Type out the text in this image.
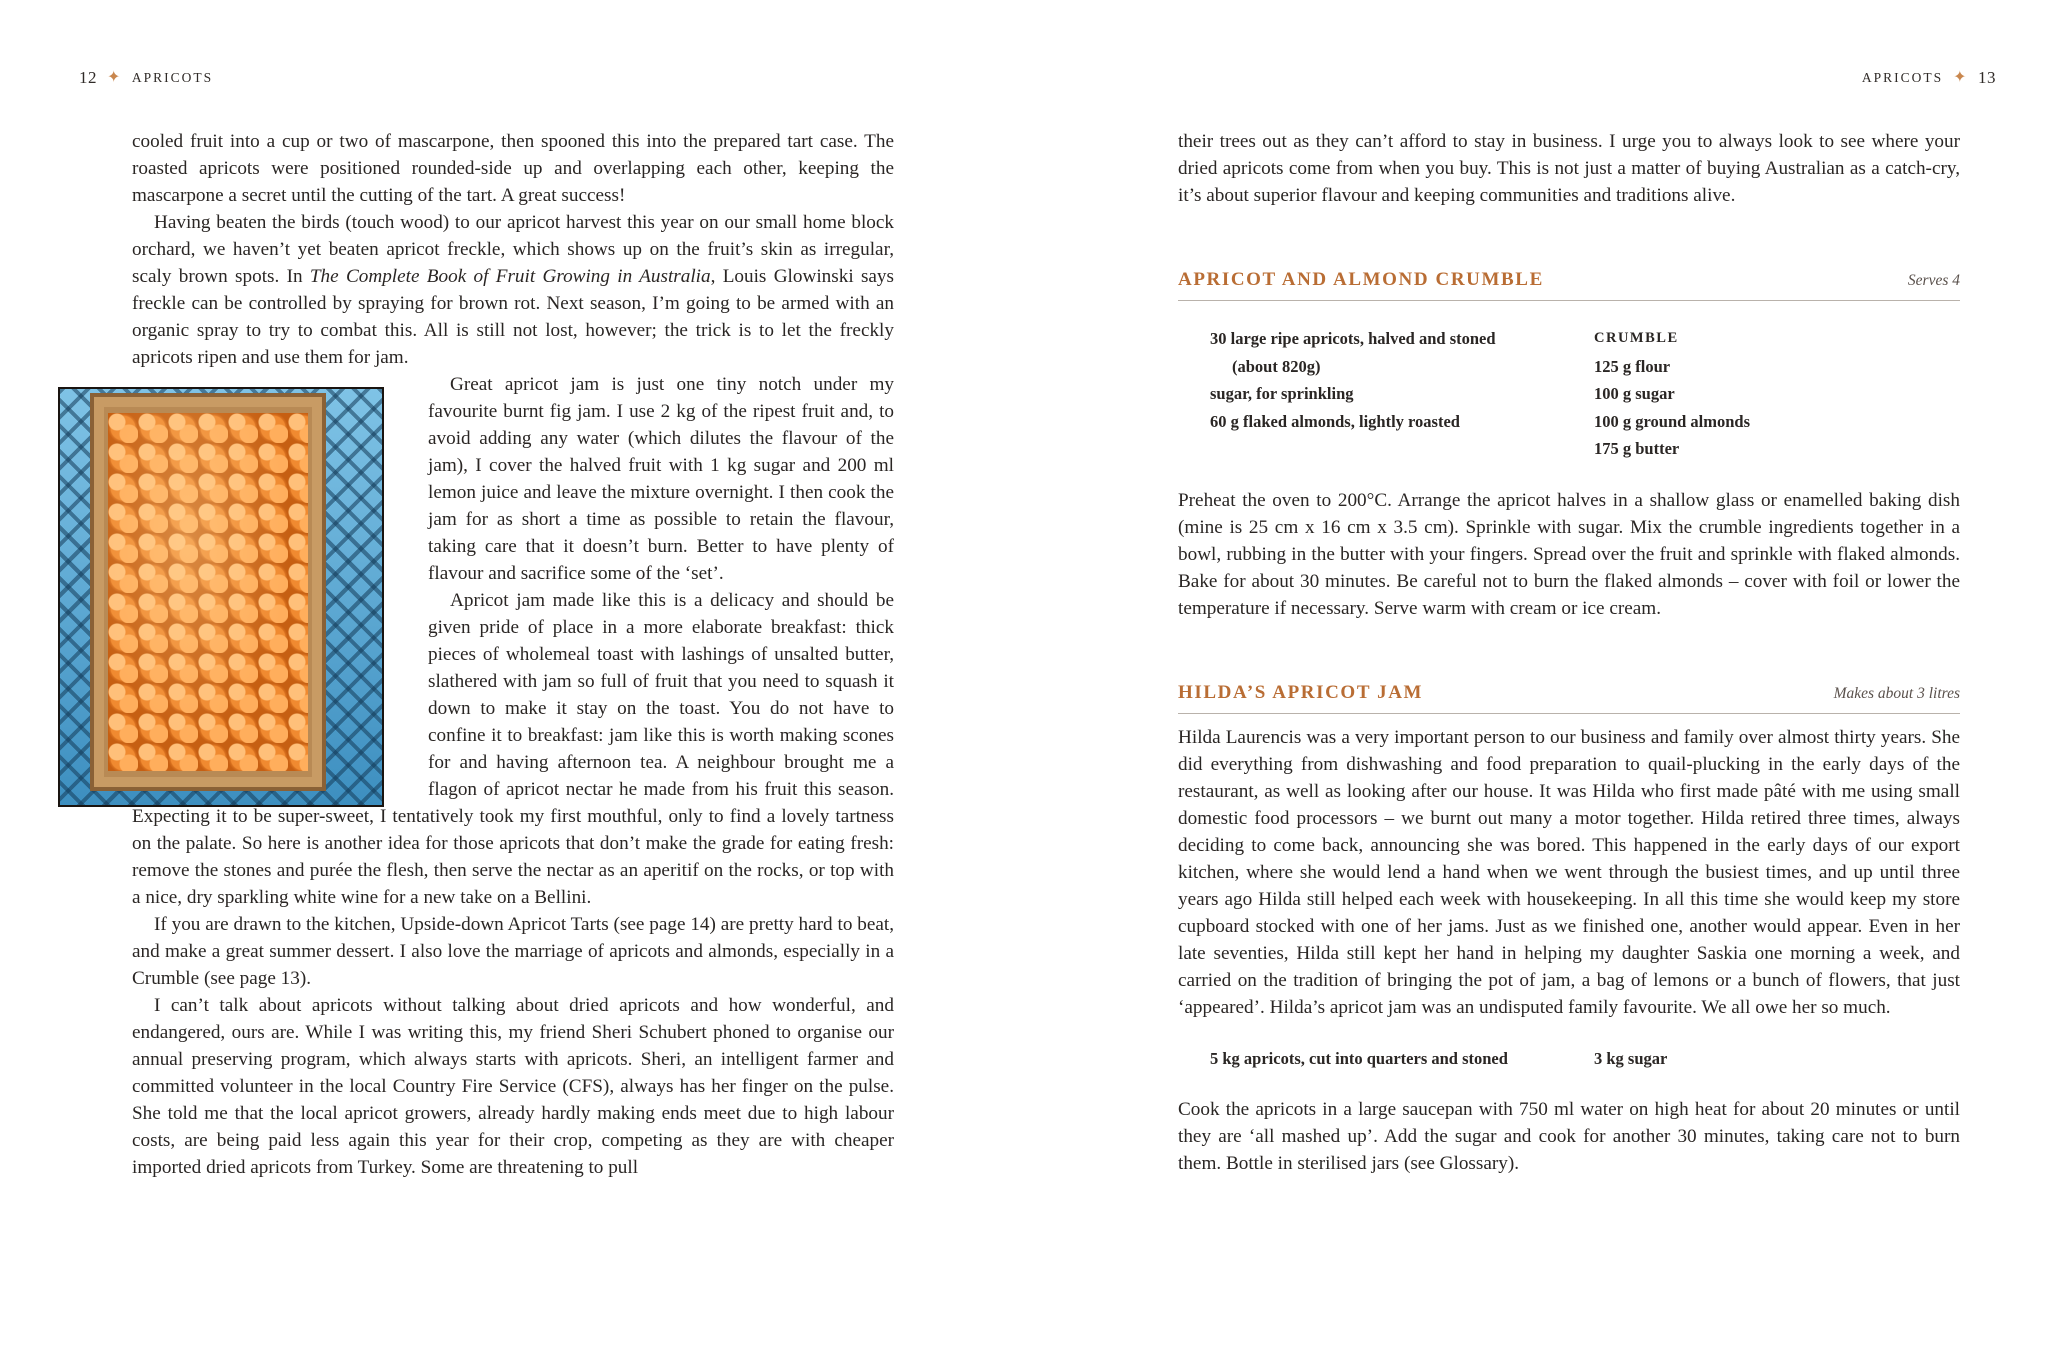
12 ✦ APRICOTS

cooled fruit into a cup or two of mascarpone, then spooned this into the prepared tart case. The roasted apricots were positioned rounded-side up and overlapping each other, keeping the mascarpone a secret until the cutting of the tart. A great success!

Having beaten the birds (touch wood) to our apricot harvest this year on our small home block orchard, we haven’t yet beaten apricot freckle, which shows up on the fruit’s skin as irregular, scaly brown spots. In The Complete Book of Fruit Growing in Australia, Louis Glowinski says freckle can be controlled by spraying for brown rot. Next season, I’m going to be armed with an organic spray to try to combat this. All is still not lost, however; the trick is to let the freckly apricots ripen and use them for jam.

Great apricot jam is just one tiny notch under my favourite burnt fig jam. I use 2 kg of the ripest fruit and, to avoid adding any water (which dilutes the flavour of the jam), I cover the halved fruit with 1 kg sugar and 200 ml lemon juice and leave the mixture overnight. I then cook the jam for as short a time as possible to retain the flavour, taking care that it doesn’t burn. Better to have plenty of flavour and sacrifice some of the ‘set’.

Apricot jam made like this is a delicacy and should be given pride of place in a more elaborate breakfast: thick pieces of wholemeal toast with lashings of unsalted butter, slathered with jam so full of fruit that you need to squash it down to make it stay on the toast. You do not have to confine it to breakfast: jam like this is worth making scones for and having afternoon tea. A neighbour brought me a flagon of apricot nectar he made from his fruit this season. Expecting it to be super-sweet, I tentatively took my first mouthful, only to find a lovely tartness on the palate. So here is another idea for those apricots that don’t make the grade for eating fresh: remove the stones and purée the flesh, then serve the nectar as an aperitif on the rocks, or top with a nice, dry sparkling white wine for a new take on a Bellini.

If you are drawn to the kitchen, Upside-down Apricot Tarts (see page 14) are pretty hard to beat, and make a great summer dessert. I also love the marriage of apricots and almonds, especially in a Crumble (see page 13).

I can’t talk about apricots without talking about dried apricots and how wonderful, and endangered, ours are. While I was writing this, my friend Sheri Schubert phoned to organise our annual preserving program, which always starts with apricots. Sheri, an intelligent farmer and committed volunteer in the local Country Fire Service (CFS), always has her finger on the pulse. She told me that the local apricot growers, already hardly making ends meet due to high labour costs, are being paid less again this year for their crop, competing as they are with cheaper imported dried apricots from Turkey. Some are threatening to pull

APRICOTS ✦ 13

their trees out as they can’t afford to stay in business. I urge you to always look to see where your dried apricots come from when you buy. This is not just a matter of buying Australian as a catch-cry, it’s about superior flavour and keeping communities and traditions alive.

APRICOT AND ALMOND CRUMBLE	Serves 4
30 large ripe apricots, halved and stoned
(about 820g)
sugar, for sprinkling
60 g flaked almonds, lightly roasted
CRUMBLE
125 g flour
100 g sugar
100 g ground almonds
175 g butter

Preheat the oven to 200°C. Arrange the apricot halves in a shallow glass or enamelled baking dish (mine is 25 cm x 16 cm x 3.5 cm). Sprinkle with sugar. Mix the crumble ingredients together in a bowl, rubbing in the butter with your fingers. Spread over the fruit and sprinkle with flaked almonds. Bake for about 30 minutes. Be careful not to burn the flaked almonds – cover with foil or lower the temperature if necessary. Serve warm with cream or ice cream.

HILDA’S APRICOT JAM	Makes about 3 litres

Hilda Laurencis was a very important person to our business and family over almost thirty years. She did everything from dishwashing and food preparation to quail-plucking in the early days of the restaurant, as well as looking after our house. It was Hilda who first made pâté with me using small domestic food processors – we burnt out many a motor together. Hilda retired three times, always deciding to come back, announcing she was bored. This happened in the early days of our export kitchen, where she would lend a hand when we went through the busiest times, and up until three years ago Hilda still helped each week with housekeeping. In all this time she would keep my store cupboard stocked with one of her jams. Just as we finished one, another would appear. Even in her late seventies, Hilda still kept her hand in helping my daughter Saskia one morning a week, and carried on the tradition of bringing the pot of jam, a bag of lemons or a bunch of flowers, that just ‘appeared’. Hilda’s apricot jam was an undisputed family favourite. We all owe her so much.

5 kg apricots, cut into quarters and stoned	3 kg sugar

Cook the apricots in a large saucepan with 750 ml water on high heat for about 20 minutes or until they are ‘all mashed up’. Add the sugar and cook for another 30 minutes, taking care not to burn them. Bottle in sterilised jars (see Glossary).
